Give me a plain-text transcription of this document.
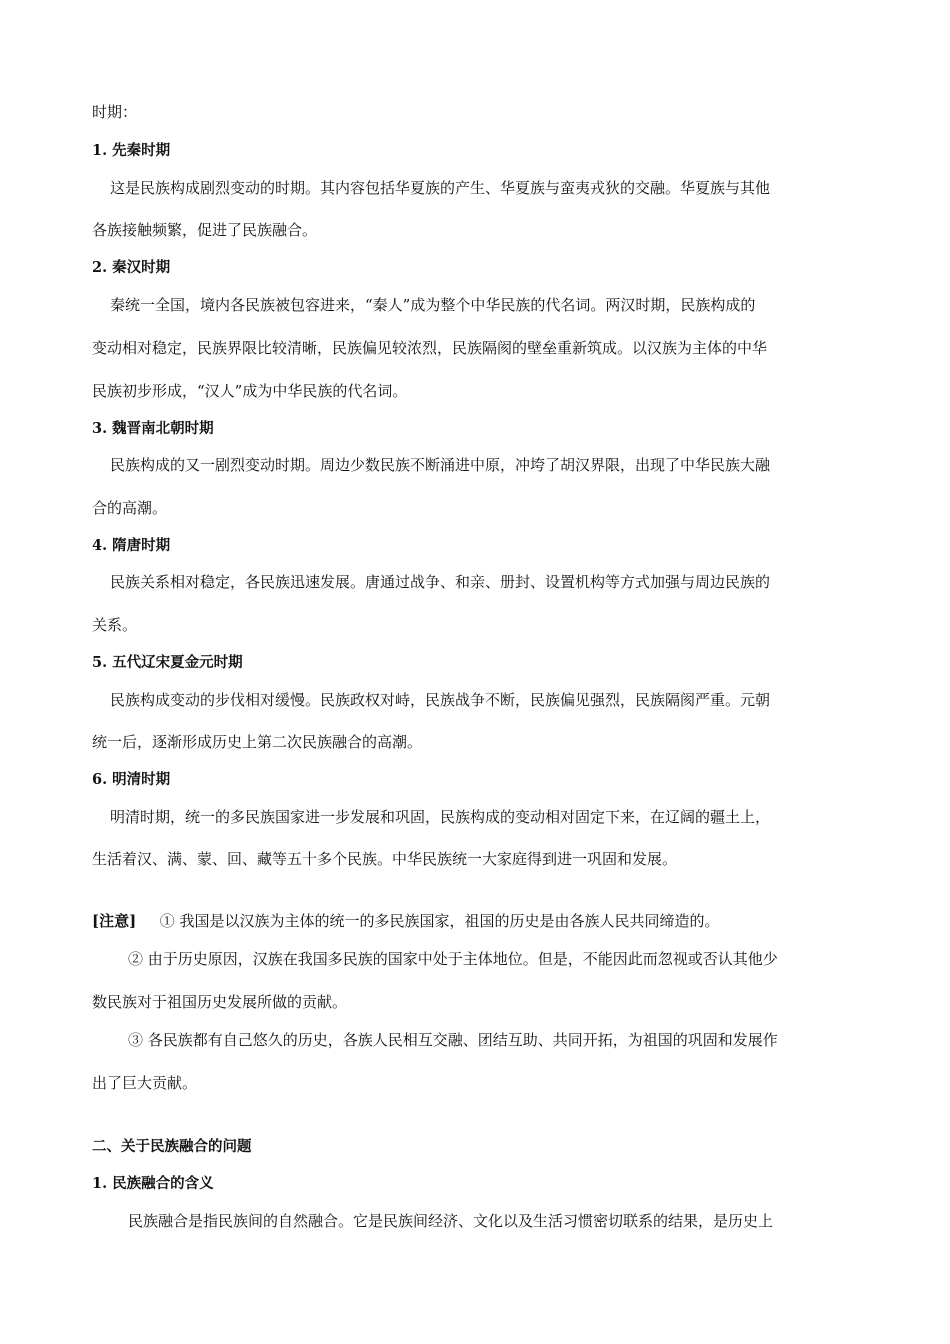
时期：
1. 先秦时期
这是民族构成剧烈变动的时期。其内容包括华夏族的产生、华夏族与蛮夷戎狄的交融。华夏族与其他
各族接触频繁，促进了民族融合。
2. 秦汉时期
秦统一全国，境内各民族被包容进来，“秦人”成为整个中华民族的代名词。两汉时期，民族构成的
变动相对稳定，民族界限比较清晰，民族偏见较浓烈，民族隔阂的壁垒重新筑成。以汉族为主体的中华
民族初步形成，“汉人”成为中华民族的代名词。
3. 魏晋南北朝时期
民族构成的又一剧烈变动时期。周边少数民族不断涌进中原，冲垮了胡汉界限，出现了中华民族大融
合的高潮。
4. 隋唐时期
民族关系相对稳定，各民族迅速发展。唐通过战争、和亲、册封、设置机构等方式加强与周边民族的
关系。
5. 五代辽宋夏金元时期
民族构成变动的步伐相对缓慢。民族政权对峙，民族战争不断，民族偏见强烈，民族隔阂严重。元朝
统一后，逐渐形成历史上第二次民族融合的高潮。
6. 明清时期
明清时期，统一的多民族国家进一步发展和巩固，民族构成的变动相对固定下来，在辽阔的疆土上，
生活着汉、满、蒙、回、藏等五十多个民族。中华民族统一大家庭得到进一巩固和发展。
[注意] ① 我国是以汉族为主体的统一的多民族国家，祖国的历史是由各族人民共同缔造的。
② 由于历史原因，汉族在我国多民族的国家中处于主体地位。但是，不能因此而忽视或否认其他少
数民族对于祖国历史发展所做的贡献。
③ 各民族都有自己悠久的历史，各族人民相互交融、团结互助、共同开拓，为祖国的巩固和发展作
出了巨大贡献。
二、关于民族融合的问题
1. 民族融合的含义
民族融合是指民族间的自然融合。它是民族间经济、文化以及生活习惯密切联系的结果，是历史上
